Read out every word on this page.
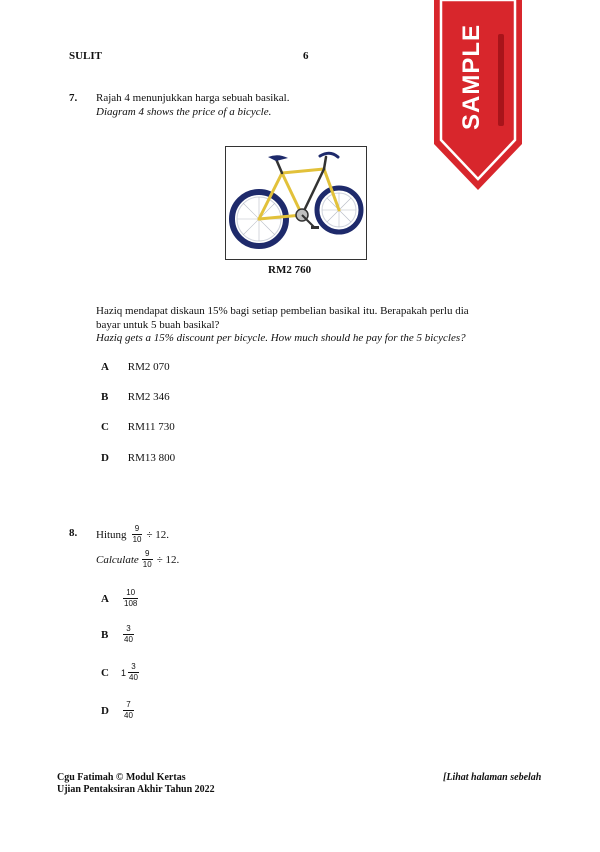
SULIT	6	SAMPLE
7. Rajah 4 menunjukkan harga sebuah basikal.
Diagram 4 shows the price of a bicycle.
RM2 760
Haziq mendapat diskaun 15% bagi setiap pembelian basikal itu. Berapakah perlu dia
bayar untuk 5 buah basikal?
Haziq gets a 15% discount per bicycle. How much should he pay for the 5 bicycles?
A RM2 070
B RM2 346
C RM11 730
D RM13 800
8. Hitung $\frac{9}{10} \div 12$.
Calculate $\frac{9}{10} \div 12$.
A	$\frac{10}{108}$
B	$\frac{3}{40}$
C	$1 \frac{3}{40}$
D	$\frac{7}{40}$
Cgu Fatimah © Modul Kertas
Ujian Pentaksiran Akhir Tahun 2022
[Lihat halaman sebelah
